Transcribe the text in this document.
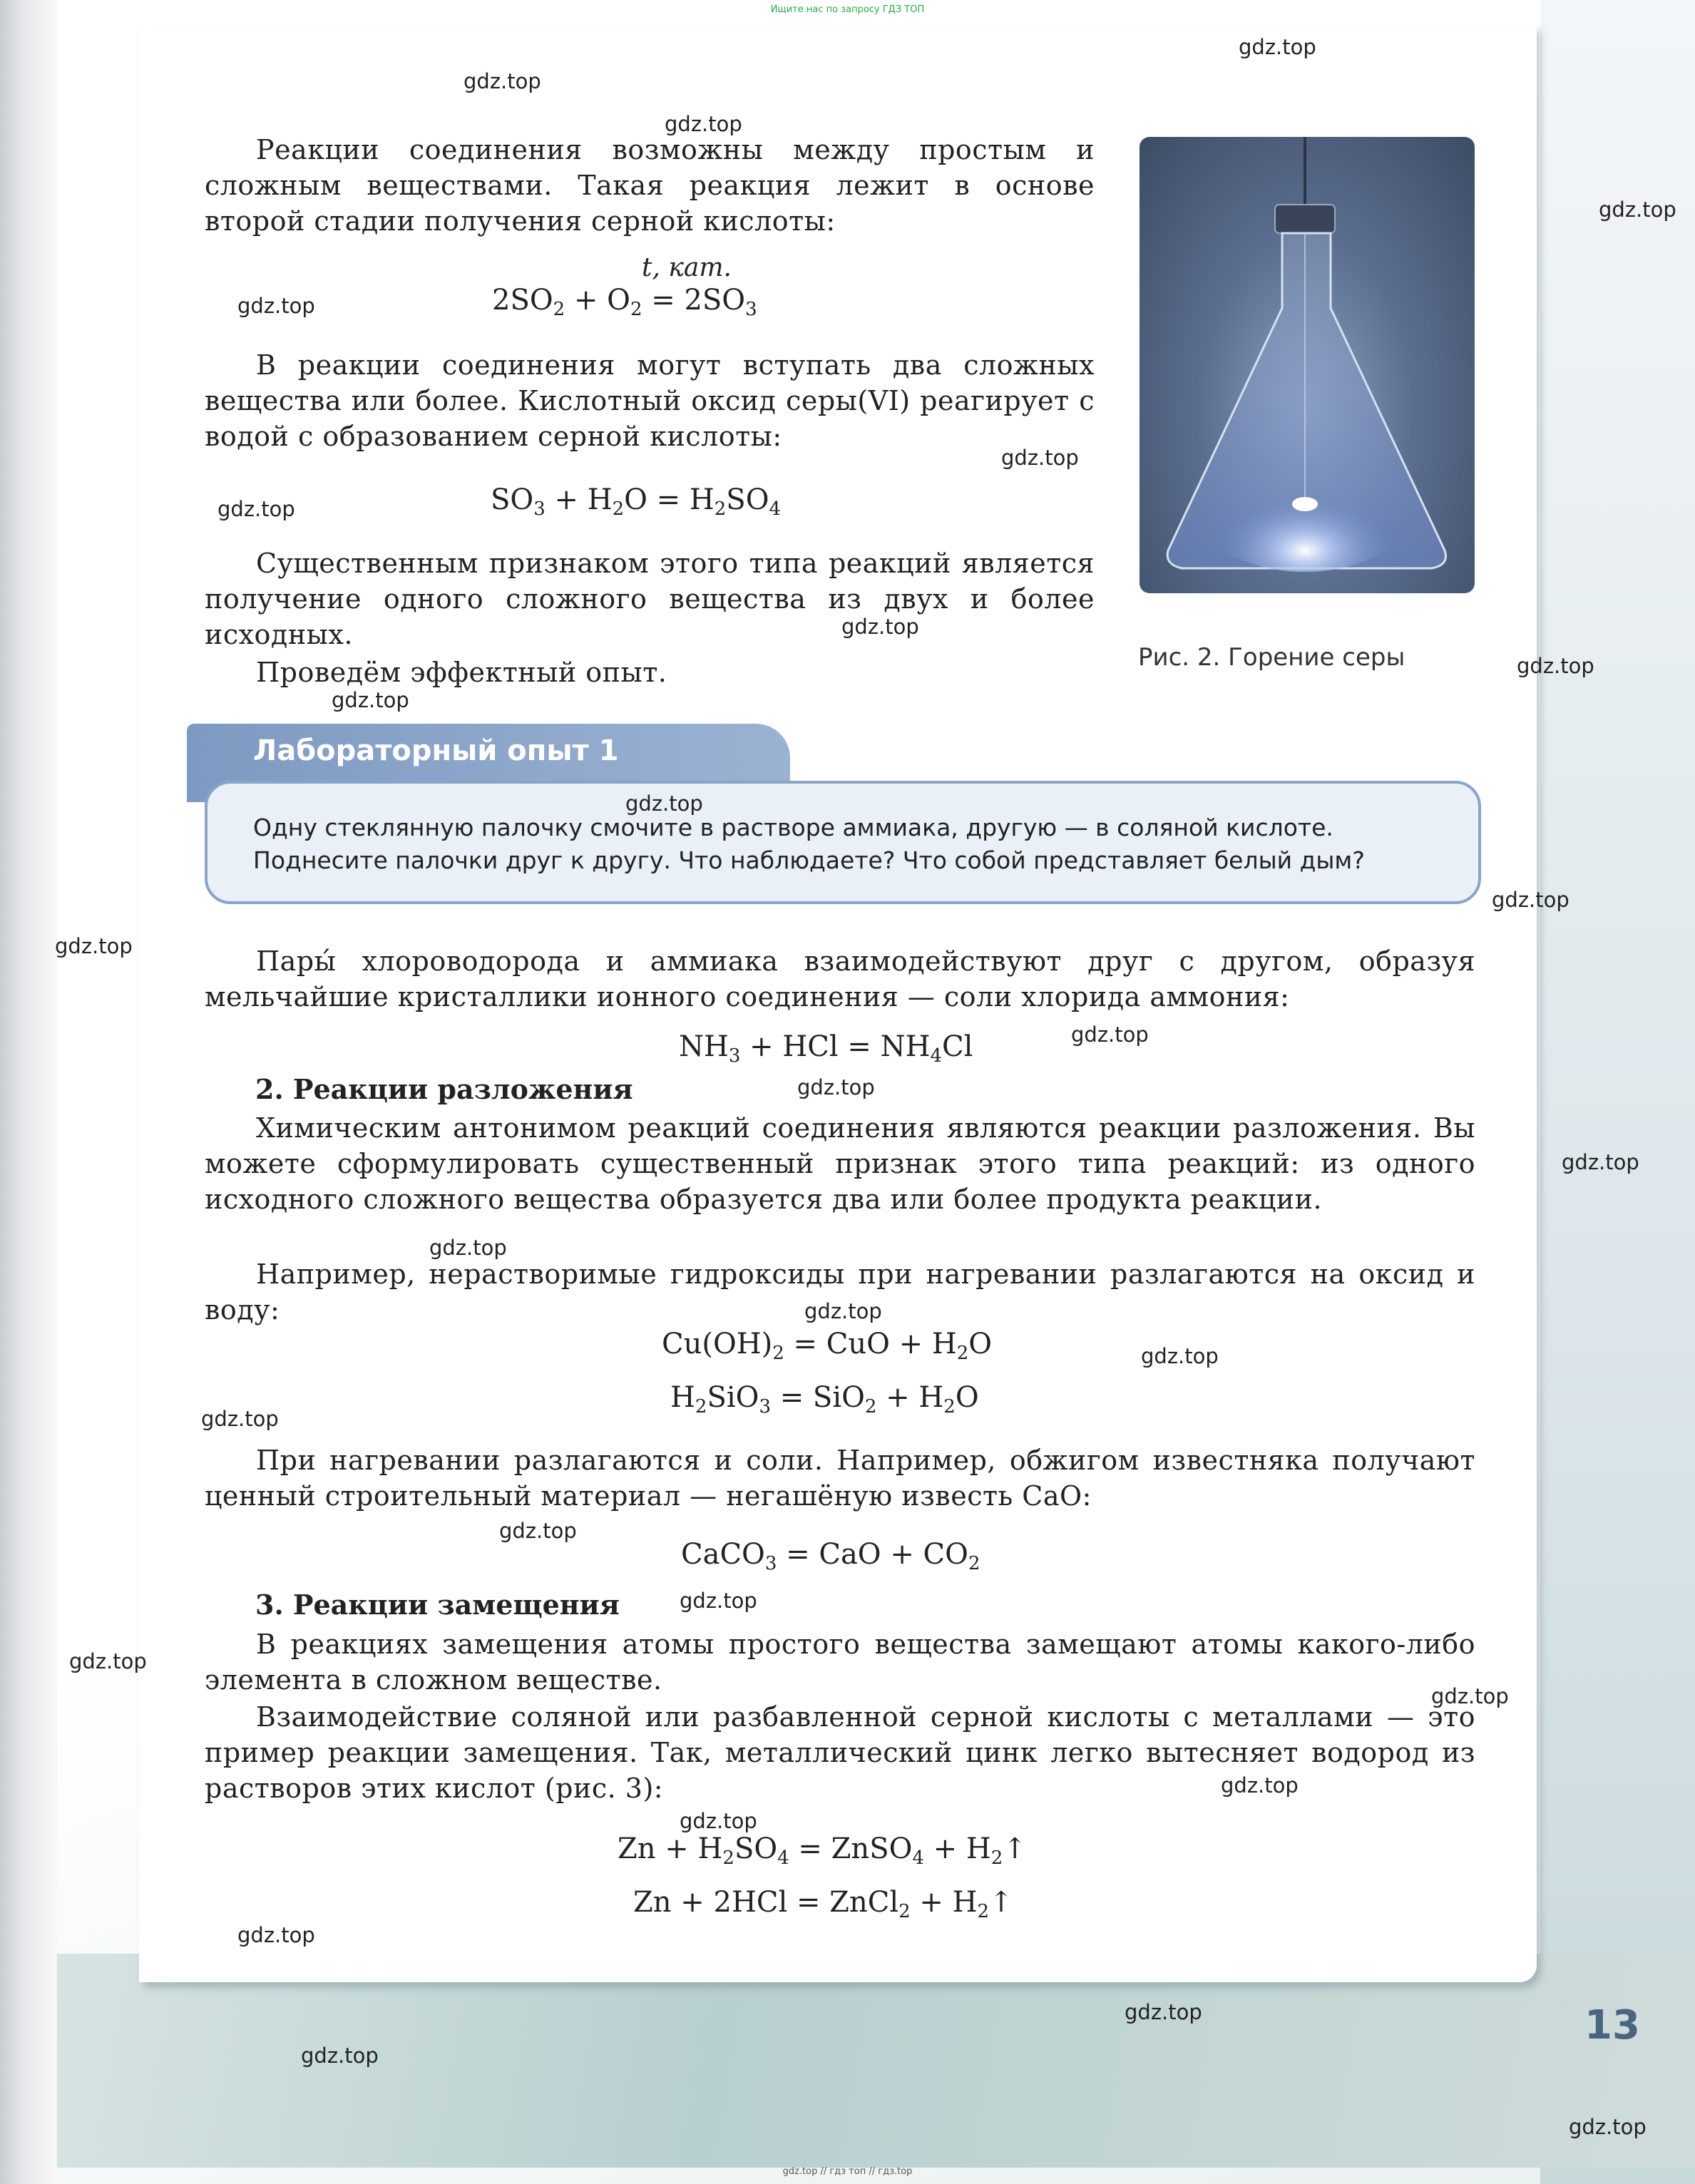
Ищите нас по запросу ГДЗ ТОП
Реакции соединения возможны между простым и сложным веществами. Такая реакция лежит в основе второй стадии получения серной кислоты:
t, кат.
$2SO_2 + O_2 = 2SO_3$
В реакции соединения могут вступать два сложных вещества или более. Кислотный оксид серы(VI) реагирует с водой с образованием серной кислоты:
$SO_3 + H_2O = H_2SO_4$
Существенным признаком этого типа реакций является получение одного сложного вещества из двух и более исходных.
Проведём эффектный опыт.	Рис. 2. Горение серы
Лабораторный опыт 1
Одну стеклянную палочку смочите в растворе аммиака, другую — в соляной кислоте. Поднесите палочки друг к другу. Что наблюдаете? Что собой представляет белый дым?
Пары́ хлороводорода и аммиака взаимодействуют друг с другом, образуя мельчайшие кристаллики ионного соединения — соли хлорида аммония:
$NH_3$ + HCl = $NH_4Cl$
2. Реакции разложения
Химическим антонимом реакций соединения являются реакции разложения. Вы можете сформулировать существенный признак этого типа реакций: из одного исходного сложного вещества образуется два или более продукта реакции.
Например, нерастворимые гидроксиды при нагревании разлагаются на оксид и воду:
$Cu(OH)_2$ = CuO + $H_2O$
$H_2SiO_3 = SiO_2 + H_2O$
При нагревании разлагаются и соли. Например, обжигом известняка получают ценный строительный материал — негашёную известь CaO:
CaCO$_3$ = CaO + $CO_2$
3. Реакции замещения
В реакциях замещения атомы простого вещества замещают атомы какого-либо элемента в сложном веществе.
Взаимодействие соляной или разбавленной серной кислоты с металлами — это пример реакции замещения. Так, металлический цинк легко вытесняет водород из растворов этих кислот (рис. 3):
$Zn + H_2SO_4$ = ZnSO$_4$ + $H_2↑$
Zn + 2HCl = ZnCl$_2$ + $H_2↑$
13
gdz.top // гдз топ // гдз.top
gdz.top
gdz.top
gdz.top
gdz.top
gdz.top
gdz.top
gdz.top
gdz.top
gdz.top
gdz.top
gdz.top
gdz.top
gdz.top
gdz.top
gdz.top
gdz.top
gdz.top
gdz.top
gdz.top
gdz.top
gdz.top
gdz.top
gdz.top
gdz.top
gdz.top
gdz.top
gdz.top
gdz.top
gdz.top
gdz.top
